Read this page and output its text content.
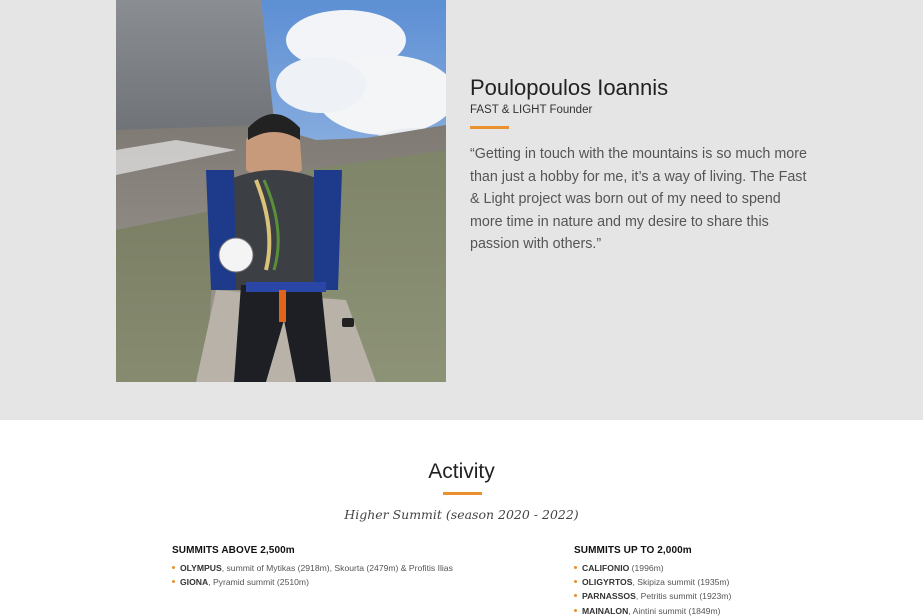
Poulopoulos Ioannis
FAST & LIGHT Founder

“Getting in touch with the mountains is so much more than just a hobby for me, it’s a way of living. The Fast & Light project was born out of my need to spend more time in nature and my desire to share this passion with others.”

Activity
Higher Summit (season 2020 - 2022)
SUMMITS ABOVE 2,500m
OLYMPUS, summit of Mytikas (2918m), Skourta (2479m) & Profitis Ilias
GIONA, Pyramid summit (2510m)
SUMMITS UP TO 2,000m
CALIFONIO (1996m)
OLIGYRTOS, Skipiza summit (1935m)
PARNASSOS, Petritis summit (1923m)
MAINALON, Aintini summit (1849m)
